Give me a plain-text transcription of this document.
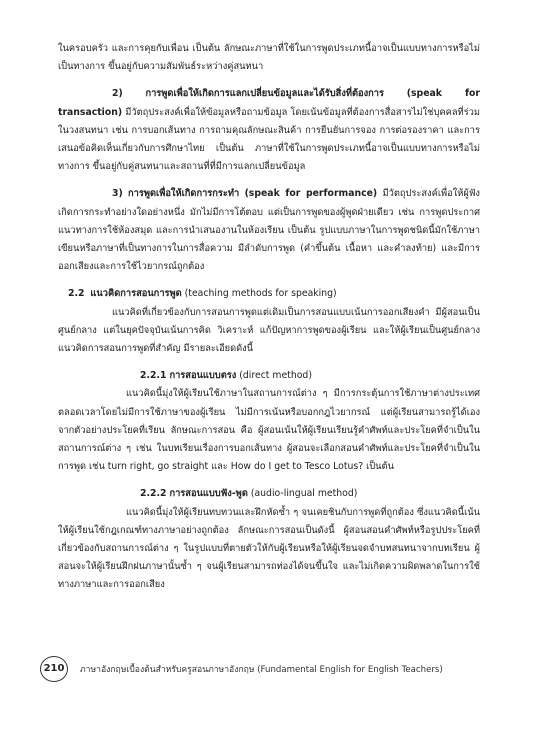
ในครอบครัว และการคุยกับเพื่อน เป็นต้น ลักษณะภาษาที่ใช้ในการพูดประเภทนี้อาจเป็นแบบทางการหรือไม่เป็นทางการ ขึ้นอยู่กับความสัมพันธ์ระหว่างคู่สนทนา

2) การพูดเพื่อให้เกิดการแลกเปลี่ยนข้อมูลและได้รับสิ่งที่ต้องการ (speak for transaction) มีวัตถุประสงค์เพื่อให้ข้อมูลหรือถามข้อมูล โดยเน้นข้อมูลที่ต้องการสื่อสารไม่ใช่บุคคลที่ร่วมในวงสนทนา เช่น การบอกเส้นทาง การถามคุณลักษณะสินค้า การยืนยันการจอง การต่อรองราคา และการเสนอข้อคิดเห็นเกี่ยวกับการศึกษาไทย เป็นต้น ภาษาที่ใช้ในการพูดประเภทนี้อาจเป็นแบบทางการหรือไม่ทางการ ขึ้นอยู่กับคู่สนทนาและสถานที่ที่มีการแลกเปลี่ยนข้อมูล

3) การพูดเพื่อให้เกิดการกระทำ (speak for performance) มีวัตถุประสงค์เพื่อให้ผู้ฟังเกิดการกระทำอย่างใดอย่างหนึ่ง มักไม่มีการโต้ตอบ แต่เป็นการพูดของผู้พูดฝ่ายเดียว เช่น การพูดประกาศแนวทางการใช้ห้องสมุด และการนำเสนองานในห้องเรียน เป็นต้น รูปแบบภาษาในการพูดชนิดนี้มักใช้ภาษาเขียนหรือภาษาที่เป็นทางการในการสื่อความ มีลำดับการพูด (คำขึ้นต้น เนื้อหา และคำลงท้าย) และมีการออกเสียงและการใช้ไวยากรณ์ถูกต้อง

2.2 แนวคิดการสอนการพูด (teaching methods for speaking)

แนวคิดที่เกี่ยวข้องกับการสอนการพูดแต่เดิมเป็นการสอนแบบเน้นการออกเสียงคำ มีผู้สอนเป็นศูนย์กลาง แต่ในยุคปัจจุบันเน้นการคิด วิเคราะห์ แก้ปัญหาการพูดของผู้เรียน และให้ผู้เรียนเป็นศูนย์กลาง แนวคิดการสอนการพูดที่สำคัญ มีรายละเอียดดังนี้

2.2.1 การสอนแบบตรง (direct method)

แนวคิดนี้มุ่งให้ผู้เรียนใช้ภาษาในสถานการณ์ต่าง ๆ มีการกระตุ้นการใช้ภาษาต่างประเทศตลอดเวลาโดยไม่มีการใช้ภาษาของผู้เรียน ไม่มีการเน้นหรือบอกกฎไวยากรณ์ แต่ผู้เรียนสามารถรู้ได้เองจากตัวอย่างประโยคที่เรียน ลักษณะการสอน คือ ผู้สอนเน้นให้ผู้เรียนเรียนรู้คำศัพท์และประโยคที่จำเป็นในสถานการณ์ต่าง ๆ เช่น ในบทเรียนเรื่องการบอกเส้นทาง ผู้สอนจะเลือกสอนคำศัพท์และประโยคที่จำเป็นในการพูด เช่น turn right, go straight และ How do I get to Tesco Lotus? เป็นต้น

2.2.2 การสอนแบบฟัง-พูด (audio-lingual method)

แนวคิดนี้มุ่งให้ผู้เรียนทบทวนและฝึกหัดซ้ำ ๆ จนเคยชินกับการพูดที่ถูกต้อง ซึ่งแนวคิดนี้เน้นให้ผู้เรียนใช้กฎเกณฑ์ทางภาษาอย่างถูกต้อง ลักษณะการสอนเป็นดังนี้ ผู้สอนสอนคำศัพท์หรือรูปประโยคที่เกี่ยวข้องกับสถานการณ์ต่าง ๆ ในรูปแบบที่ตายตัวให้กับผู้เรียนหรือให้ผู้เรียนจดจำบทสนทนาจากบทเรียน ผู้สอนจะให้ผู้เรียนฝึกฝนภาษานั้นซ้ำ ๆ จนผู้เรียนสามารถท่องได้จนขึ้นใจ และไม่เกิดความผิดพลาดในการใช้ทางภาษาและการออกเสียง

210	ภาษาอังกฤษเบื้องต้นสำหรับครูสอนภาษาอังกฤษ (Fundamental English for English Teachers)
